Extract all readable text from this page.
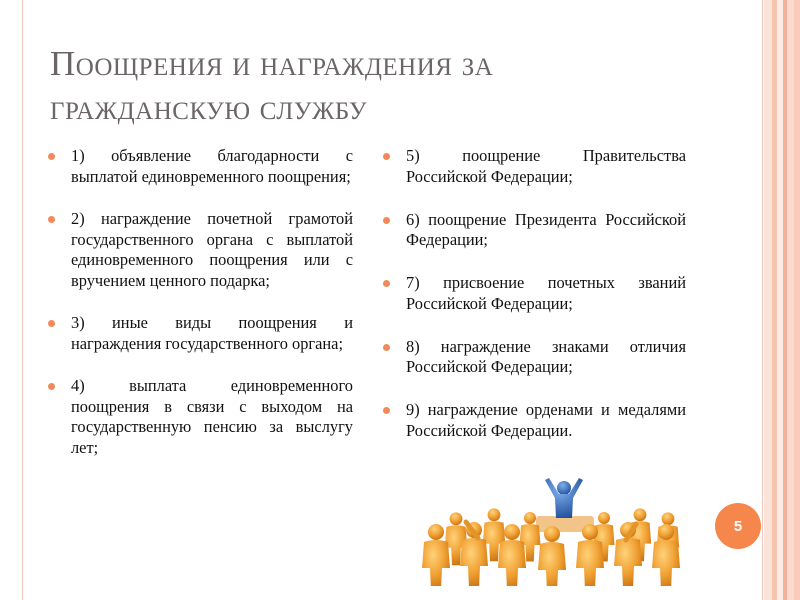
Поощрения и награждения за
гражданскую службу
1) объявление благодарности с выплатой единовременного поощрения;
2) награждение почетной грамотой государственного органа с выплатой единовременного поощрения или с вручением ценного подарка;
3) иные виды поощрения и награждения государственного органа;
4) выплата единовременного поощрения в связи с выходом на государственную пенсию за выслугу лет;
5) поощрение Правительства Российской Федерации;
6) поощрение Президента Российской Федерации;
7) присвоение почетных званий Российской Федерации;
8) награждение знаками отличия Российской Федерации;
9) награждение орденами и медалями Российской Федерации.
5
